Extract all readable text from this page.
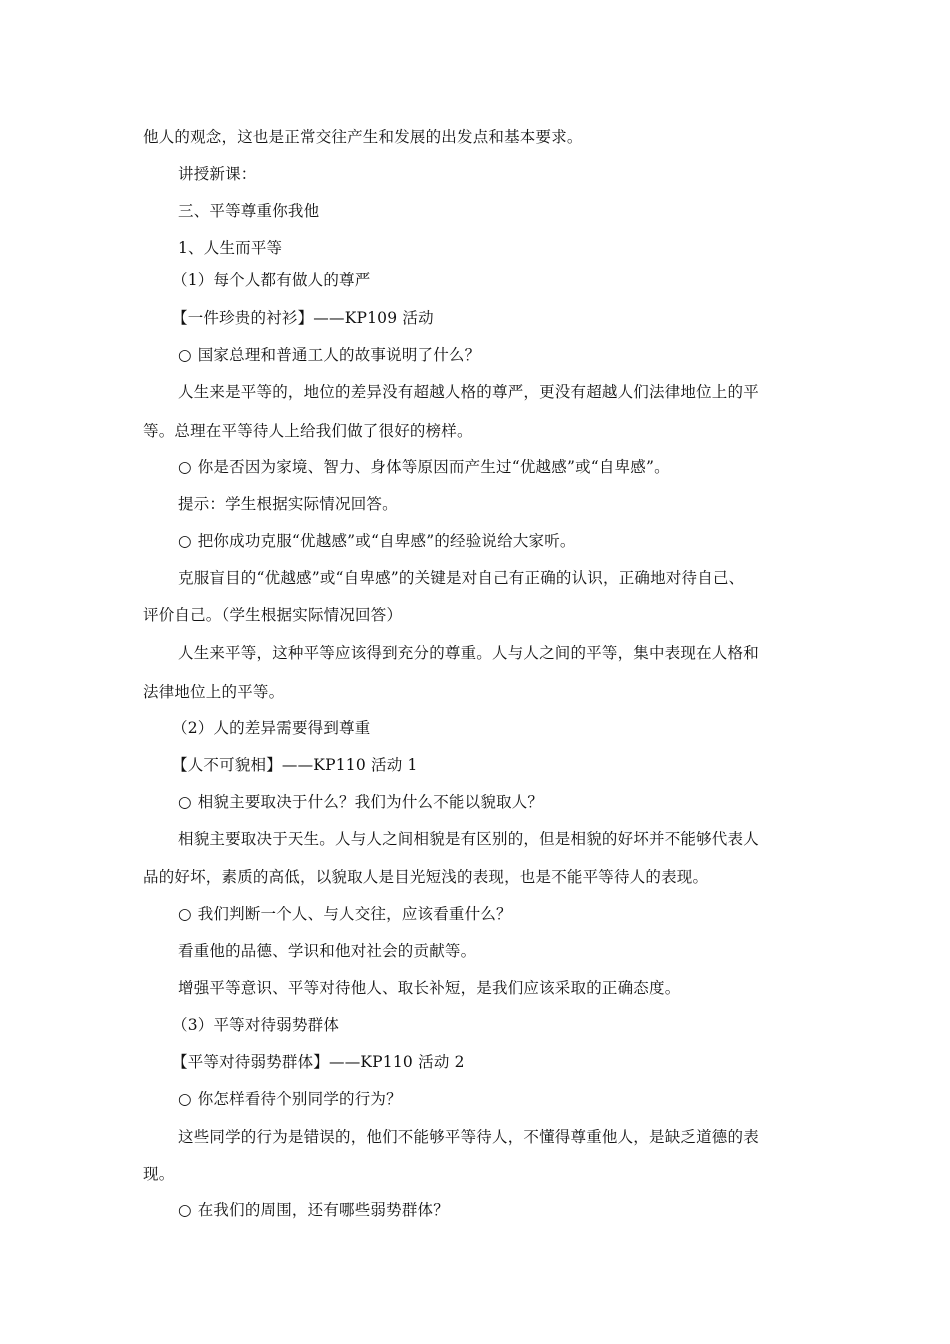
他人的观念，这也是正常交往产生和发展的出发点和基本要求。
讲授新课：
三、平等尊重你我他
1、人生而平等
（1）每个人都有做人的尊严
【一件珍贵的衬衫】——KP109 活动
○ 国家总理和普通工人的故事说明了什么？
人生来是平等的，地位的差异没有超越人格的尊严，更没有超越人们法律地位上的平
等。总理在平等待人上给我们做了很好的榜样。
○ 你是否因为家境、智力、身体等原因而产生过“优越感”或“自卑感”。
提示：学生根据实际情况回答。
○ 把你成功克服“优越感”或“自卑感”的经验说给大家听。
克服盲目的“优越感”或“自卑感”的关键是对自己有正确的认识，正确地对待自己、
评价自己。（学生根据实际情况回答）
人生来平等，这种平等应该得到充分的尊重。人与人之间的平等，集中表现在人格和
法律地位上的平等。
（2）人的差异需要得到尊重
【人不可貌相】——KP110 活动 1
○ 相貌主要取决于什么？我们为什么不能以貌取人？
相貌主要取决于天生。人与人之间相貌是有区别的，但是相貌的好坏并不能够代表人
品的好坏，素质的高低，以貌取人是目光短浅的表现，也是不能平等待人的表现。
○ 我们判断一个人、与人交往，应该看重什么？
看重他的品德、学识和他对社会的贡献等。
增强平等意识、平等对待他人、取长补短，是我们应该采取的正确态度。
（3）平等对待弱势群体
【平等对待弱势群体】——KP110 活动 2
○ 你怎样看待个别同学的行为？
这些同学的行为是错误的，他们不能够平等待人，不懂得尊重他人，是缺乏道德的表
现。
○ 在我们的周围，还有哪些弱势群体？
